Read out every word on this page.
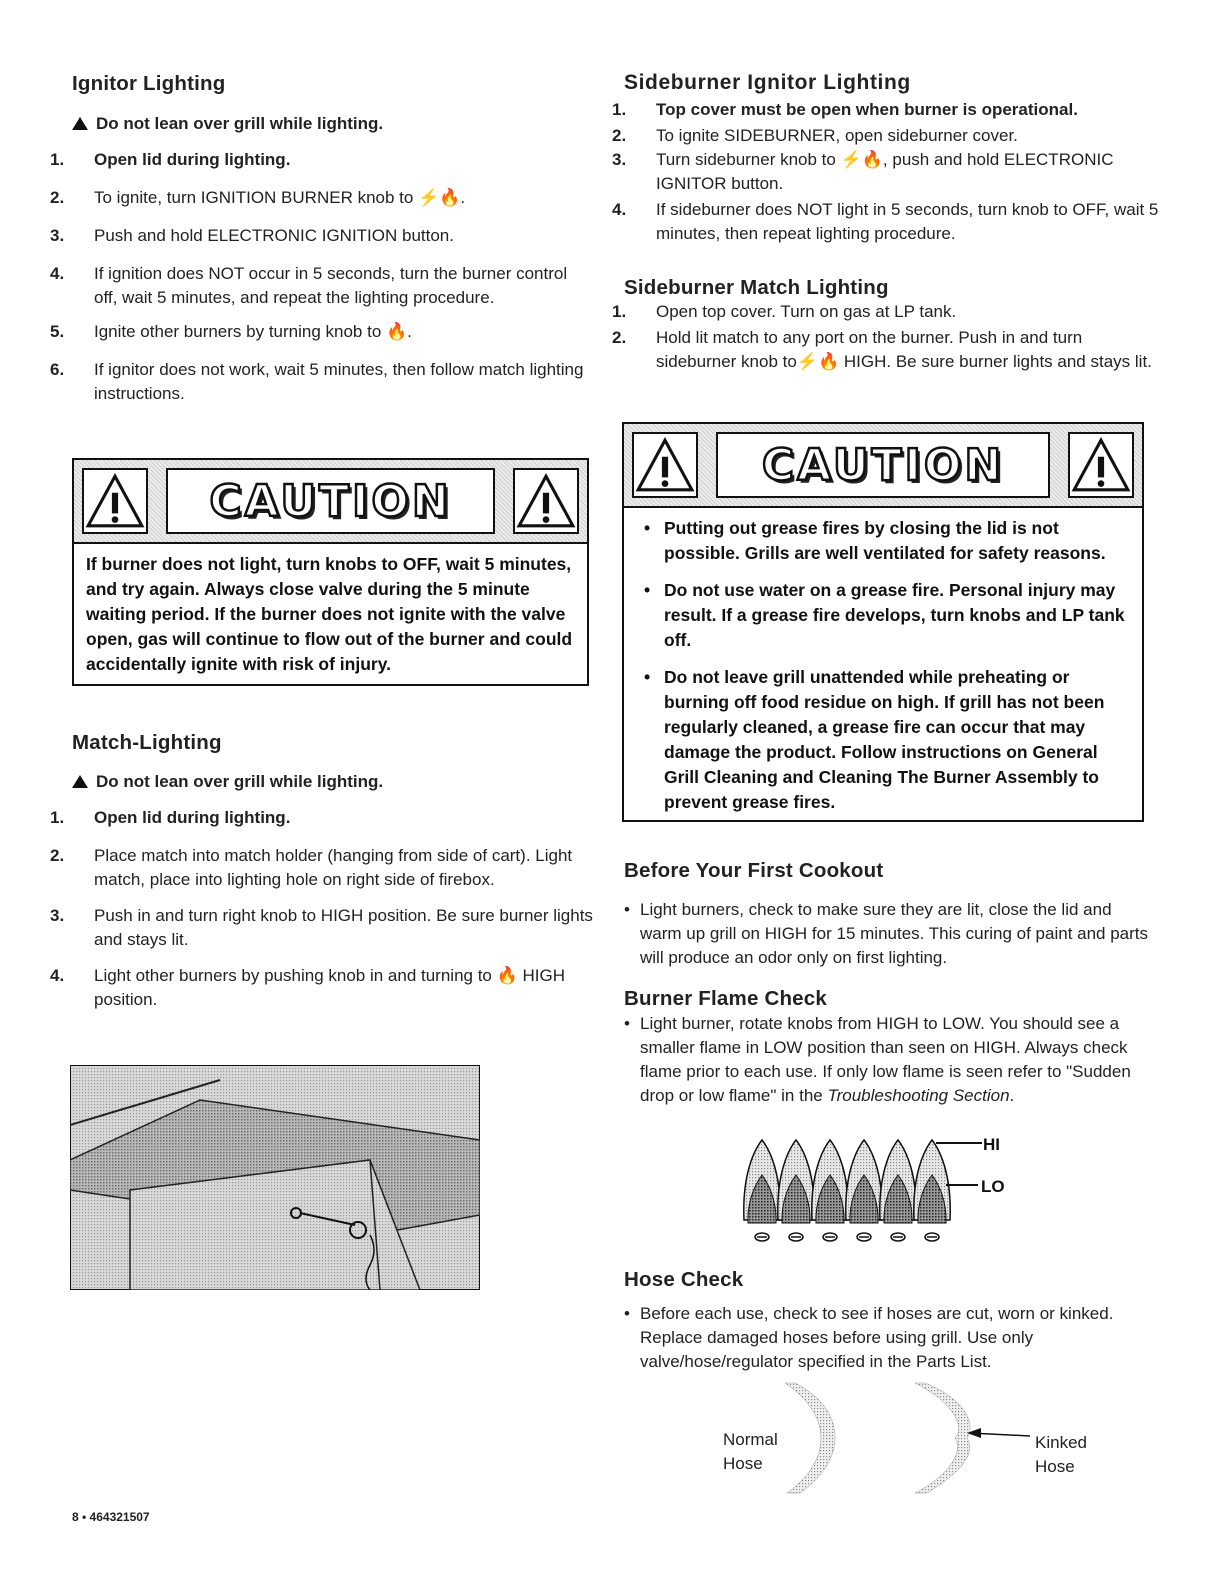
Ignitor Lighting
Do not lean over grill while lighting.
1. Open lid during lighting.
2. To ignite, turn IGNITION BURNER knob to ⚡🔥.
3. Push and hold ELECTRONIC IGNITION button.
4. If ignition does NOT occur in 5 seconds, turn the burner control off, wait 5 minutes, and repeat the lighting procedure.
5. Ignite other burners by turning knob to 🔥.
6. If ignitor does not work, wait 5 minutes, then follow match lighting instructions.
CAUTION
If burner does not light, turn knobs to OFF, wait 5 minutes, and try again. Always close valve during the 5 minute waiting period. If the burner does not ignite with the valve open, gas will continue to flow out of the burner and could accidentally ignite with risk of injury.
Match-Lighting
Do not lean over grill while lighting.
1. Open lid during lighting.
2. Place match into match holder (hanging from side of cart). Light match, place into lighting hole on right side of firebox.
3. Push in and turn right knob to HIGH position. Be sure burner lights and stays lit.
4. Light other burners by pushing knob in and turning to 🔥 HIGH position.
8 • 464321507
Sideburner Ignitor Lighting
1. Top cover must be open when burner is operational.
2. To ignite SIDEBURNER, open sideburner cover.
3. Turn sideburner knob to ⚡🔥, push and hold ELECTRONIC IGNITOR button.
4. If sideburner does NOT light in 5 seconds, turn knob to OFF, wait 5 minutes, then repeat lighting procedure.
Sideburner Match Lighting
1. Open top cover. Turn on gas at LP tank.
2. Hold lit match to any port on the burner. Push in and turn sideburner knob to⚡🔥 HIGH. Be sure burner lights and stays lit.
CAUTION
• Putting out grease fires by closing the lid is not possible. Grills are well ventilated for safety reasons.
• Do not use water on a grease fire. Personal injury may result. If a grease fire develops, turn knobs and LP tank off.
• Do not leave grill unattended while preheating or burning off food residue on high. If grill has not been regularly cleaned, a grease fire can occur that may damage the product. Follow instructions on General Grill Cleaning and Cleaning The Burner Assembly to prevent grease fires.
Before Your First Cookout
• Light burners, check to make sure they are lit, close the lid and warm up grill on HIGH for 15 minutes. This curing of paint and parts will produce an odor only on first lighting.
Burner Flame Check
• Light burner, rotate knobs from HIGH to LOW. You should see a smaller flame in LOW position than seen on HIGH. Always check flame prior to each use. If only low flame is seen refer to "Sudden drop or low flame" in the Troubleshooting Section.
HI
LO
Hose Check
• Before each use, check to see if hoses are cut, worn or kinked. Replace damaged hoses before using grill. Use only valve/hose/regulator specified in the Parts List.
Normal
Hose
Kinked
Hose
